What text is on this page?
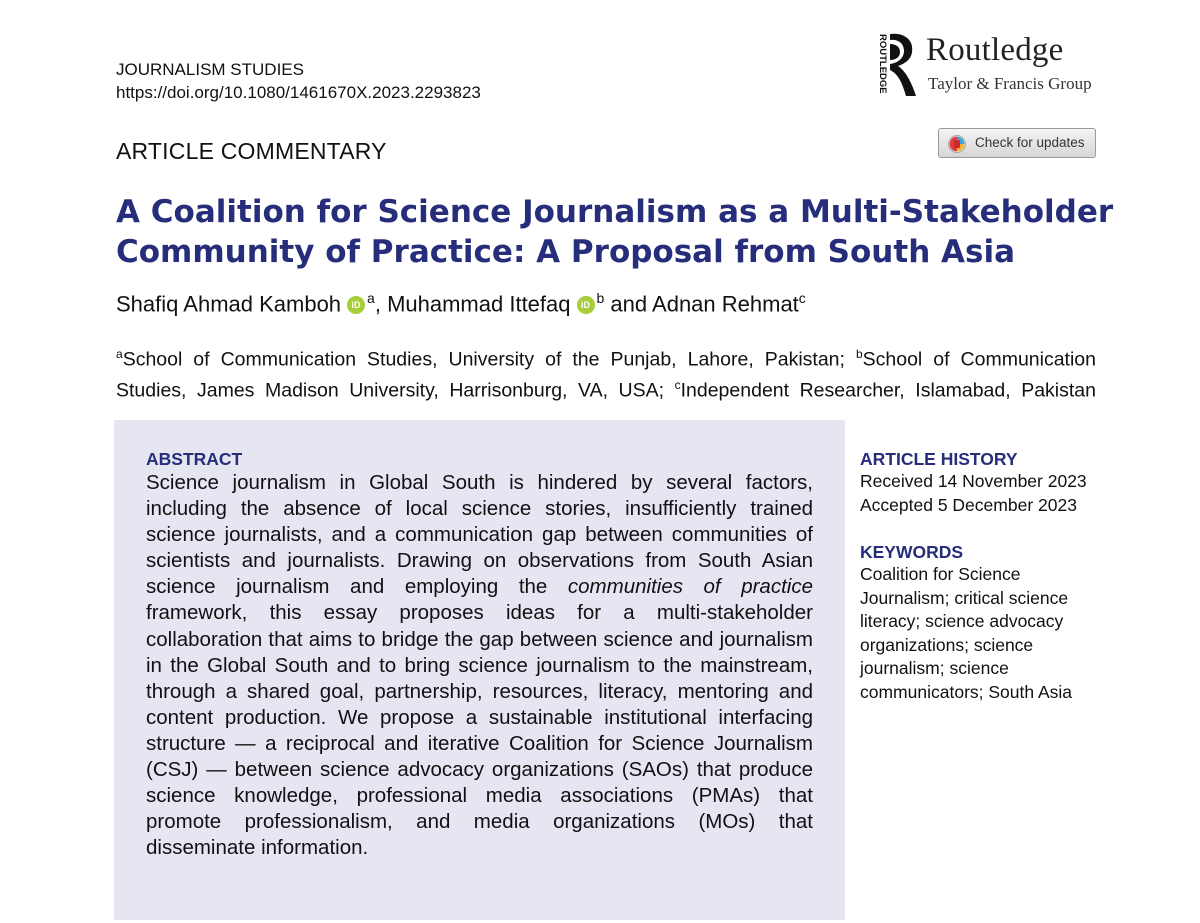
JOURNALISM STUDIES
https://doi.org/10.1080/1461670X.2023.2293823	ROUTLEDGE Routledge
Taylor & Francis Group
ARTICLE COMMENTARY	Check for updates
A Coalition for Science Journalism as a Multi-Stakeholder
Community of Practice: A Proposal from South Asia
Shafiq Ahmad Kamboh iD $^a$, Muhammad Ittefaq iD $^b$ and Adnan Rehmat$^c$
$^a$School of Communication Studies, University of the Punjab, Lahore, Pakistan; $^b$School of Communication Studies, James Madison University, Harrisonburg, VA, USA; $^c$Independent Researcher, Islamabad, Pakistan
ABSTRACT
Science journalism in Global South is hindered by several factors, including the absence of local science stories, insufficiently trained science journalists, and a communication gap between communities of scientists and journalists. Drawing on observations from South Asian science journalism and employing the communities of practice framework, this essay proposes ideas for a multi-stakeholder collaboration that aims to bridge the gap between science and journalism in the Global South and to bring science journalism to the mainstream, through a shared goal, partnership, resources, literacy, mentoring and content production. We propose a sustainable institutional interfacing structure — a reciprocal and iterative Coalition for Science Journalism (CSJ) — between science advocacy organizations (SAOs) that produce science knowledge, professional media associations (PMAs) that promote professionalism, and media organizations (MOs) that disseminate information.
ARTICLE HISTORY
Received 14 November 2023
Accepted 5 December 2023
KEYWORDS
Coalition for Science Journalism; critical science literacy; science advocacy organizations; science journalism; science communicators; South Asia
